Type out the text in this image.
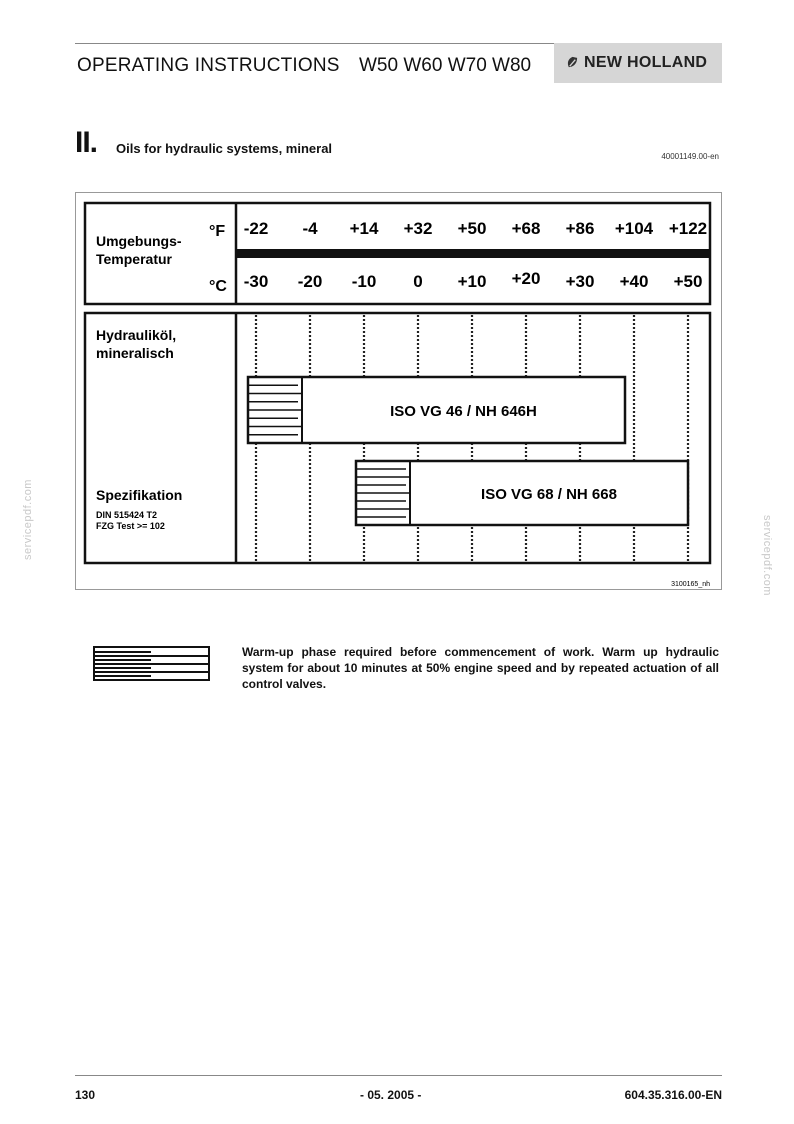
OPERATING INSTRUCTIONS W50 W60 W70 W80	NEW HOLLAND
II. Oils for hydraulic systems, mineral
40001149.00-en
servicepdf.com	servicepdf.com
Umgebungs-
Temperatur
°F
°C
-22 -4 +14 +32 +50 +68 +86 +104 +122
-30 -20 -10 0 +10 +20 +30 +40 +50
Hydrauliköl,
mineralisch
Spezifikation
DIN 515424 T2
FZG Test >= 102
ISO VG 46 / NH 646H
ISO VG 68 / NH 668
3100165_nh
Warm-up phase required before commencement of work. Warm up hydraulic system for about 10 minutes at 50% engine speed and by repeated actuation of all control valves.
130	- 05. 2005 -	604.35.316.00-EN
